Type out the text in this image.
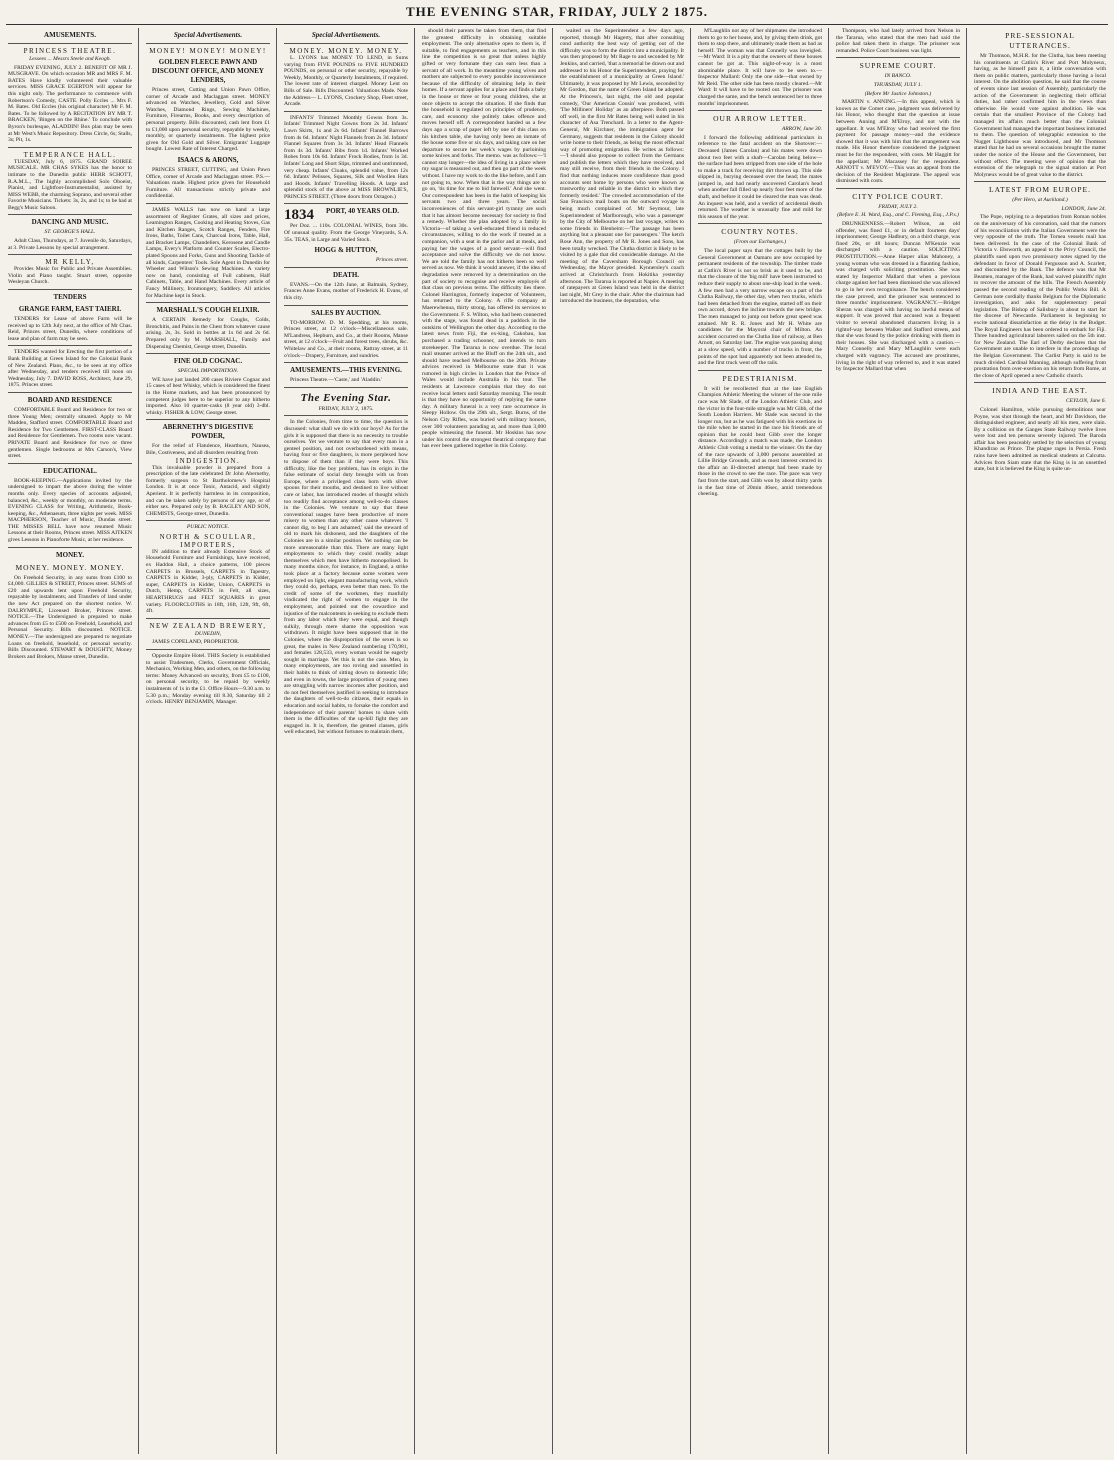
THE EVENING STAR, FRIDAY, JULY 2 1875.
AMUSEMENTS.
PRINCESS THEATRE.
Lessees ... Messrs Steele and Keogh.

FRIDAY EVENING, JULY 2. BENEFIT OF MR J. MUSGRAVE. On which occasion MR and MRS F. M. BATES Have kindly volunteered their valuable services. MISS GRACE EGERTON will appear for this night only. The performance to commence with Robertson's Comedy, CASTE. Polly Eccles ... Mrs F. M. Bates. Old Eccles (his original character) Mr F. M. Bates. To be followed by A RECITATION BY MR T. BRACKEN, 'Bingen on the Rhine.' To conclude with Byron's burlesque, ALADDIN! Box plan may be seen at Mr West's Music Repository. Dress Circle, 6s; Stalls, 3s; Pit, 1s.

TEMPERANCE HALL.

TUESDAY, July 6, 1875. GRAND SOIREE MUSICALE. MR CHAS SYKES has the honor to intimate to the Dunedin public HERR SCHOTT, R.A.M.L., The highly accomplished Solo Oboeist, Pianist, and Lightfoot-Instrumentalist, assisted by MISS WEBB, the charming Soprano, and several other Favorite Musicians. Tickets: 3s, 2s, and 1s; to be had at Begg's Music Saloon.

DANCING AND MUSIC.
ST. GEORGE'S HALL.

Adult Class, Thursdays, at 7. Juvenile do, Saturdays, at 3. Private Lessons by special arrangement.

MR KELLY,

Provides Music for Public and Private Assemblies. Violin and Piano taught. Stuart street, opposite Wesleyan Church.

TENDERS
GRANGE FARM, EAST TAIERI.

TENDERS for Lease of above Farm will be received up to 12th July next, at the office of Mr Chas. Reid, Princes street, Dunedin, where conditions of lease and plan of farm may be seen.

TENDERS wanted for Erecting the first portion of a Bank Building at Green Island for the Colonial Bank of New Zealand. Plans, &c., to be seen at my office after Wednesday, and tenders received till noon on Wednesday, July 7. DAVID ROSS, Architect, June 29, 1875. Princes street.

BOARD AND RESIDENCE

COMFORTABLE Board and Residence for two or three Young Men; centrally situated. Apply to Mr Madden, Stafford street. COMFORTABLE Board and Residence for Two Gentlemen. FIRST-CLASS Board and Residence for Gentlemen. Two rooms now vacant. PRIVATE Board and Residence for two or three gentlemen. Single bedrooms at Mrs Carson's, View street.

EDUCATIONAL.

BOOK-KEEPING.—Applications invited by the undersigned to impart the above during the winter months only. Every species of accounts adjusted, balanced, &c., weekly or monthly, on moderate terms. EVENING CLASS for Writing, Arithmetic, Book-keeping, &c., Athenaeum, three nights per week. MISS MACPHERSON, Teacher of Music, Dundas street. THE MISSES BELL have now resumed Music Lessons at their Rooms, Princes street. MISS AITKEN gives Lessons in Pianoforte Music, at her residence.

MONEY.
MONEY. MONEY. MONEY.

On Freehold Security, in any sums from £100 to £4,000. GILLIES & STREET, Princes street. SUMS of £20 and upwards lent upon Freehold Security, repayable by instalments; and Transfers of land under the new Act prepared on the shortest notice. W. DALRYMPLE, Licensed Broker, Princes street. NOTICE.—The Undersigned is prepared to make advances from £5 to £500 on Freehold, Leasehold, and Personal Security. Bills discounted. NOTICE. MONEY.—The undersigned are prepared to negotiate Loans on freehold, leasehold, or personal security. Bills Discounted. STEWART & DOUGHTY, Money Brokers and Brokers, Manse street, Dunedin.

Special Advertisements.
MONEY! MONEY! MONEY!
GOLDEN FLEECE PAWN AND DISCOUNT OFFICE, AND MONEY LENDERS,

Princes street, Cutting and Union Pawn Office, corner of Arcade and Maclaggan street. MONEY advanced on Watches, Jewellery, Gold and Silver Watches, Diamond Rings, Sewing Machines, Furniture, Firearms, Books, and every description of personal property. Bills discounted, cash lent from £1 to £1,000 upon personal security, repayable by weekly, monthly, or quarterly instalments. The highest price given for Old Gold and Silver. Emigrants' Luggage bought. Lowest Rate of Interest Charged.

ISAACS & ARONS,

PRINCES STREET, CUTTING, and Union Pawn Office, corner of Arcade and Maclaggan street. P.S.—Valuations made. Highest price given for Household Furniture. All transactions strictly private and confidential.

JAMES WALLS has now on hand a large assortment of Register Grates, all sizes and prices, Leamington Ranges, Cooking and Heating Stoves, Gas and Kitchen Ranges, Scotch Ranges, Fenders, Fire Irons, Baths, Toilet Cans, Charcoal Irons, Table, Hall, and Bracket Lamps, Chandeliers, Kerosene and Candle Lamps, Every's Platform and Counter Scales, Electro-plated Spoons and Forks, Guns and Shooting Tackle of all kinds, Carpenters' Tools. Sole Agent in Dunedin for Wheeler and Wilson's Sewing Machines. A variety now on hand, consisting of Full cabinets, Half Cabinets, Table, and Hand Machines. Every article of Fancy Millinery, Ironmongery, Saddlery. All articles for Machine kept in Stock.

MARSHALL'S COUGH ELIXIR.

A CERTAIN Remedy for Coughs, Colds, Bronchitis, and Pains in the Chest from whatever cause arising. 2s, 3s. Sold in bottles at 1s 6d and 2s 6d. Prepared only by M. MARSHALL, Family and Dispensing Chemist, George street, Dunedin.

FINE OLD COGNAC.
SPECIAL IMPORTATION.

WE have just landed 200 cases Riviere Cognac and 15 cases of best Whisky, which is considered the finest in the Home markets, and has been pronounced by competent judges here to be superior to any hitherto imported. Also 10 quarter-casks (8 year old) 3-dbl. whisky. FISHER & LOW, George street.

ABERNETHY'S DIGESTIVE POWDER,

For the relief of Flatulence, Heartburn, Nausea, Bile, Costiveness, and all disorders resulting from

INDIGESTION.

This invaluable powder is prepared from a prescription of the late celebrated Dr John Abernethy, formerly surgeon to St Bartholomew's Hospital London. It is at once Tonic, Antacid, and slightly Aperient. It is perfectly harmless in its composition, and can be taken safely by persons of any age, or of either sex. Prepared only by B. BAGLEY AND SON, CHEMISTS, George street, Dunedin.

PUBLIC NOTICE.
NORTH & SCOULLAR, IMPORTERS,

IN addition to their already Extensive Stock of Household Furniture and Furnishings, have received, ex Haddon Hall, a choice patterns, 100 pieces CARPETS in Brussels, CARPETS in Tapestry, CARPETS in Kidder, 3-ply, CARPETS in Kidder, super, CARPETS in Kidder, Union, CARPETS in Dutch, Hemp, CARPETS in Felt, all sizes, HEARTHRUGS and FELT SQUARES in great variety. FLOORCLOTHS in 18ft, 16ft, 12ft, 9ft, 6ft, 4ft.

NEW ZEALAND BREWERY,
DUNEDIN,

JAMES COPELAND, PROPRIETOR.

Opposite Empire Hotel. THIS Society is established to assist Tradesmen, Clerks, Government Officials, Mechanics, Working Men, and others, on the following terms: Money Advanced on security, from £5 to £100, on personal security, to be repaid by weekly instalments of 1s in the £1. Office Hours—9.30 a.m. to 5.30 p.m.; Monday evening till 8.30, Saturday till 2 o'clock. HENRY BENJAMIN, Manager.

Special Advertisements.
MONEY. MONEY. MONEY.

L. LYONS has MONEY TO LEND, in Sums varying from FIVE POUNDS to FIVE HUNDRED POUNDS, on personal or other security, repayable by Weekly, Monthly, or Quarterly Instalments, if required. The lowest rate of interest charged. Money Lent on Bills of Sale. Bills Discounted. Valuations Made. Note the Address— L. LYONS, Crockery Shop, Fleet street, Arcade.

INFANTS' Trimmed Monthly Gowns from 3s. Infants' Trimmed Night Gowns from 2s 3d. Infants' Lawn Skirts, 1s and 2s 6d. Infants' Flannel Barrows from 4s 6d. Infants' Night Flannels from 2s 3d. Infants' Flannel Squares from 3s 3d. Infants' Head Flannels from 4s 3d. Infants' Bibs from 1d. Infants' Worked Robes from 10s 6d. Infants' Frock Bodies, from 1s 3d. Infants' Long and Short Slips, trimmed and untrimmed, very cheap. Infants' Cloaks, splendid value, from 12s 6d. Infants' Pelisses, Squares, Silk and Woollen Hats and Hoods. Infants' Travelling Hoods. A large and splendid stock of the above at MISS BROWNLIE'S, PRINCES STREET. (Three doors from Octagon.)

1834	PORT, 40 YEARS OLD.

Per Doz. ... 110s. COLONIAL WINES, from 30s. Of unusual quality. From the George Vineyards, S.A. 35s. TEAS, in Large and Varied Stock.

HOGG & HUTTON,
Princes street.
DEATH.

EVANS.—On the 12th June, at Balmain, Sydney, Frances Anne Evans, mother of Frederick H. Evans, of this city.

SALES BY AUCTION.

TO-MORROW. D. M. Spedding, at his rooms, Princes street, at 12 o'clock—Miscellaneous sale. M'Landress, Hepburn, and Co., at their Rooms, Manse street, at 12 o'clock—Fruit and forest trees, shrubs, &c. Whitelaw and Co., at their rooms, Rattray street, at 11 o'clock—Drapery, Furniture, and sundries.

AMUSEMENTS.—THIS EVENING.

Princess Theatre.—'Caste,' and 'Aladdin.'

The Evening Star.
FRIDAY, JULY 2, 1875.

In the Colonies, from time to time, the question is discussed: what shall we do with our boys? As for the girls it is supposed that there is no necessity to trouble ourselves. Yet we venture to say that every man in a genteel position, and not overburdened with means, having four or five daughters, is more perplexed how to dispose of them than if they were boys. This difficulty, like the boy problem, has its origin in the false estimate of social duty brought with us from Europe, where a privileged class born with silver spoons for their mouths, and destined to live without care or labor, has introduced modes of thought which too readily find acceptance among well-to-do classes in the Colonies. We venture to say that these conventional usages have been productive of more misery to women than any other cause whatever. 'I cannot dig, to beg I am ashamed,' said the steward of old to mark his dishonest, and the daughters of the Colonies are in a similar position. Yet nothing can be more unreasonable than this. There are many light employments to which they could readily adapt themselves which men have hitherto monopolised. In many months since, for instance, in England, a strike took place at a factory because some women were employed on light, elegant manufacturing work, which they could do, perhaps, even better than men. To the credit of some of the workmen, they manfully vindicated the right of women to engage in the employment, and pointed out the cowardice and injustice of the malcontents in seeking to exclude them from any labor which they were equal, and though sulkily, through mere shame the opposition was withdrawn. It might have been supposed that in the Colonies, where the disproportion of the sexes is so great, the males in New Zealand numbering 170,981, and females 128,533, every woman would be eagerly sought in marriage. Yet this is not the case. Men, in many employments, are too roving and unsettled in their habits to think of sitting down to domestic life; and even in towns, the large proportion of young men are struggling with narrow incomes after position, and do not feel themselves justified in seeking to introduce the daughters of well-to-do citizens, their equals in education and social habits, to forsake the comfort and independence of their parents' homes to share with them in the difficulties of the up-hill fight they are engaged in. It is, therefore, the genteel classes, girls well educated, but without fortunes to maintain them,

should their parents be taken from them, that find the greatest difficulty in obtaining suitable employment. The only alternative open to them is, if suitable, to find engagements as teachers, and in this line the competition is so great that unless highly gifted or very fortunate they can earn less than a servant of all work. In the meantime young wives and mothers are subjected to every possible inconvenience because of the difficulty of obtaining help in their homes. If a servant applies for a place and finds a baby in the house or three or four young children, she at once objects to accept the situation. If she finds that the household is regulated on principles of prudence, care, and economy she politely takes offence and moves herself off. A correspondent handed us a few days ago a scrap of paper left by one of this class on his kitchen table, she having only been an inmate of the house some five or six days, and taking care on her departure to secure her week's wages by purloining some knives and forks. The memo. was as follows:—'I cannot stay longer—the idea of living in a place where my sugar is measured out, and then go part of the week without. I have my work to do the like before, and I am not going to, now. When that is the way things are to go on, 'tis time for me to bid farewell.' And she went. Our correspondent has been in the habit of keeping his servants two and three years. The social inconveniences of this servant-girl tyranny are such that it has almost become necessary for society to find a remedy. Whether the plan adopted by a family in Victoria—of taking a well-educated friend in reduced circumstances, willing to do the work if treated as a companion, with a seat in the parlor and at meals, and paying her the wages of a good servant—will find acceptance and solve the difficulty we do not know. We are told the family has not hitherto been so well served as now. We think it would answer, if the idea of degradation were removed by a determination on the part of society to recognise and receive employés of that class on previous terms. The difficulty lies there. Colonel Harrington, formerly inspector of Volunteers, has returned to the Colony. A rifle company at Maerewhenua, thirty strong, has offered its services to the Government. F. S. Wilton, who had been connected with the stage, was found dead in a paddock in the outskirts of Wellington the other day. According to the latest news from Fiji, the ex-king, Cakobau, has purchased a trading schooner, and intends to turn storekeeper. The Tararua is now overdue. The local mail steamer arrived at the Bluff on the 24th ult., and should have reached Melbourne on the 26th. Private advices received in Melbourne state that it was rumored in high circles in London that the Prince of Wales would include Australia in his tour. The residents at Lawrence complain that they do not receive local letters until Saturday morning. The result is that they have no opportunity of replying the same day. A military funeral is a very rare occurrence in Sleepy Hollow. On the 29th ult., Sergt. Burns, of the Nelson City Rifles, was buried with military honors, over 300 volunteers parading at, and more than 3,000 people witnessing the funeral. Mr Hoskins has now under his control the strongest theatrical company that has ever been gathered together in this Colony.

waited on the Superintendent a few days ago, reported, through Mr Hagerty, that after consulting cond authority the best way of getting out of the difficulty was to form the district into a municipality. It was then proposed by Mr Rage to and seconded by Mr Jenkins, and carried, 'that a memorial be drawn out and addressed to his Honor the Superintendent, praying for the establishment of a municipality at Green Island.' Ultimately, it was proposed by Mr Lewis, seconded by Mr Gordon, that the name of Green Island be adopted. At the Princess's, last night, the old and popular comedy, 'Our American Cousin' was produced, with 'The Milliners' Holiday' as an afterpiece. Both passed off well, in the first Mr Bates being well suited in his character of Asa Trenchard. In a letter to the Agent-General, Mr Kirchner, the immigration agent for Germany, suggests that residents in the Colony should write home to their friends, as being the most effectual way of promoting emigration. He writes as follows:—'I should also propose to collect from the Germans and publish the letters which they have received, and may still receive, from their friends in the Colony. I find that nothing induces more confidence than good accounts sent home by persons who were known as trustworthy and reliable in the district in which they formerly resided.' The crowded accommodation of the San Francisco mail boats on the outward voyage is being much complained of. Mr Seymour, late Superintendent of Marlborough, who was a passenger by the City of Melbourne on her last voyage, writes to some friends in Blenheim:—'The passage has been anything but a pleasant one for passengers.' The ketch Rose Ann, the property of Mr R. Jones and Sons, has been totally wrecked. The Clutha district is likely to be visited by a gale that did considerable damage. At the meeting of the Caversham Borough Council on Wednesday, the Mayor presided. Kynnersley's coach arrived at Christchurch from Hokitika yesterday afternoon. The Tararua is reported at Napier. A meeting of ratepayers at Green Island was held in the district last night, Mr Grey in the chair. After the chairman had introduced the business, the deputation, who

M'Laughlin not any of her shipmates she introduced them to go to her house, and, by giving them drink, got them to stop there, and ultimately made them as bad as herself. The woman was that Connelly was inveigled.—Mr Ward: It is a pity that the owners of these houses cannot be got at. This night-of-way is a most abominable place. It will have to be seen to.—Inspector Mallard: Only the one side—that owned by Mr Reid. The other side has been mostly cleared.—Mr Ward: It will have to be rooted out. The prisoner was charged the same, and the bench sentenced her to three months' imprisonment.

OUR ARROW LETTER.
ARROW, June 30.

I forward the following additional particulars in reference to the fatal accident on the Shotover:—Deceased (James Carolan) and his mates were down about two feet with a shaft—Carolan being below—the surface had been stripped from one side of the hole to make a track for receiving dirt thrown up. This side slipped in, burying deceased over the head; the mates jumped in, and had nearly uncovered Carolan's head when another fall filled up nearly four feet more of the shaft, and before it could be cleared the man was dead. An inquest was held, and a verdict of accidental death returned. The weather is unusually fine and mild for this season of the year.

COUNTRY NOTES.
(From our Exchanges.)

The local paper says that the cottages built by the General Government at Oamaru are now occupied by permanent residents of the township. The timber trade at Catlin's River is not so brisk as it used to be, and that the closure of the 'big mill' have been instructed to reduce their supply to about one-ship load in the week. A few men had a very narrow escape on a part of the Clutha Railway, the other day, when two trucks, which had been detached from the engine, started off on their own accord, down the incline towards the new bridge. The men managed to jump out before great speed was attained. Mr R. R. Jones and Mr H. White are candidates for the Mayoral chair of Milton. An accident occurred on the Clutha line of railway, at Ben Arnott, on Saturday last. The engine was passing along at a slow speed, with a number of trucks in front, the points of the spot had apparently not been attended to, and the first truck went off the rails.

PEDESTRIANISM.

It will be recollected that at the late English Champion Athletic Meeting the winner of the one mile race was Mr Slade, of the London Athletic Club, and the victor in the four-mile struggle was Mr Gibb, of the South London Harriers. Mr Slade was second in the longer run, but as he was fatigued with his exertions in the mile when he started in the race his friends are of opinion that he could beat Gibb over the longer distance. Accordingly a match was made, the London Athletic Club voting a medal to the winner. On the day of the race upwards of 3,000 persons assembled at Lillie Bridge Grounds, and as most interest centred in the affair an ill-directed attempt had been made by those in the crowd to see the race. The pace was very fast from the start, and Gibb won by about thirty yards in the fast time of 20min 46sec, amid tremendous cheering.

Thompson, who had lately arrived from Nelson in the Tararua, who stated that the men had said the police had taken them in charge. The prisoner was remanded. Police Court business was light.

SUPREME COURT.
IN BANCO.
THURSDAY, JULY 1.
(Before Mr Justice Johnston.)

MARTIN v. ANNING.—In this appeal, which is known as the Comet case, judgment was delivered by his Honor, who thought that the question at issue between Anning and M'Elroy, and not with the appellant. It was M'Elroy who had received the first payment for passage money—and the evidence showed that it was with him that the arrangement was made. His Honor therefore considered the judgment must be for the respondent, with costs. Mr Haggitt for the appellant; Mr Macassey for the respondent. ARNOTT v. M'EVOY.—This was an appeal from the decision of the Resident Magistrate. The appeal was dismissed with costs.

CITY POLICE COURT.
FRIDAY, JULY 2.
(Before E. H. Ward, Esq., and C. Fleming, Esq., J.P.s.)

DRUNKENNESS.—Robert Wilson, an old offender, was fined £1, or in default fourteen days' imprisonment; George Hadbury, on a third charge, was fined 20s, or 48 hours; Duncan M'Kenzie was discharged with a caution. SOLICITING PROSTITUTION.—Anne Harper alias Mahoney, a young woman who was dressed in a flaunting fashion, was charged with soliciting prostitution. She was stated by Inspector Mallard that when a previous charge against her had been dismissed she was allowed to go in her own recognisance. The bench considered the case proved, and the prisoner was sentenced to three months' imprisonment. VAGRANCY.—Bridget Sheran was charged with having no lawful means of support. It was proved that accused was a frequent visitor to several abandoned characters living in a rightof-way between Walker and Stafford streets, and that she was found by the police drinking with them in their houses. She was discharged with a caution.—Mary Connelly and Mary M'Laughlin were each charged with vagrancy. The accused are prostitutes, living in the right of way referred to, and it was stated by Inspector Mallard that when

PRE-SESSIONAL UTTERANCES.

Mr Thomson, M.H.R. for the Clutha, has been meeting his constituents at Catlin's River and Port Molyneux, having, as he himself puts it, a little conversation with them on public matters, particularly those having a local interest. On the abolition question, he said that the course of events since last session of Assembly, particularly the action of the Government in neglecting their official duties, had rather confirmed him in the views than otherwise. He would vote against abolition. He was certain that the smallest Province of the Colony had managed its affairs much better than the Colonial Government had managed the important business intrusted to them. The question of telegraphic extension to the Nugget Lighthouse was introduced, and Mr Thomson stated that he had on several occasions brought the matter under the notice of the House and the Government, but without effect. The meeting were of opinion that the extension of the telegraph to the signal station at Port Molyneux would be of great value to the district.

LATEST FROM EUROPE.
(Per Hero, at Auckland.)
LONDON, June 24.

The Pope, replying to a deputation from Roman nobles on the anniversary of his coronation, said that the rumors of his reconciliation with the Italian Government were the very opposite of the truth. The Tornea vessels mail has been delivered. In the case of the Colonial Bank of Victoria v. Ebsworth, an appeal to the Privy Council, the plaintiffs sued upon two promissory notes signed by the defendant in favor of Donald Fergusson and A. Scarlett, and discounted by the Bank. The defence was that Mr Beamen, manager of the Bank, had waived plaintiffs' right to recover the amount of the bills. The French Assembly passed the second reading of the Public Works Bill. A German note cordially thanks Belgium for the Diplomatic investigation, and asks for supplementary penal legislation. The Bishop of Salisbury is about to start for the diocese of Newcastle. Parliament is beginning to excite national dissatisfaction at the delay in the Budget. The Royal Engineers has been ordered to embark for Fiji. Three hundred agricultural laborers sailed on the 5th inst. for New Zealand. The Earl of Derby declares that the Government are unable to interfere in the proceedings of the Belgian Government. The Carlist Party is said to be much divided. Cardinal Manning, although suffering from prostration from over-exertion on his return from Rome, at the close of April opened a new Catholic church.

INDIA AND THE EAST.
CEYLON, June 6.

Colonel Hamilton, while pursuing demolitions near Poyne, was shot through the heart, and Mr Davidson, the distinguished engineer, and nearly all his men, were slain. By a collision on the Ganges State Railway twelve lives were lost and ten persons severely injured. The Baroda affair has been peaceably settled by the selection of young Khandirao as Prince. The plague rages in Persia. Fresh rains have been admitted as medical students at Calcutta. Advices from Siam state that the King is in an unsettled state, but it is believed the King is quite un-
